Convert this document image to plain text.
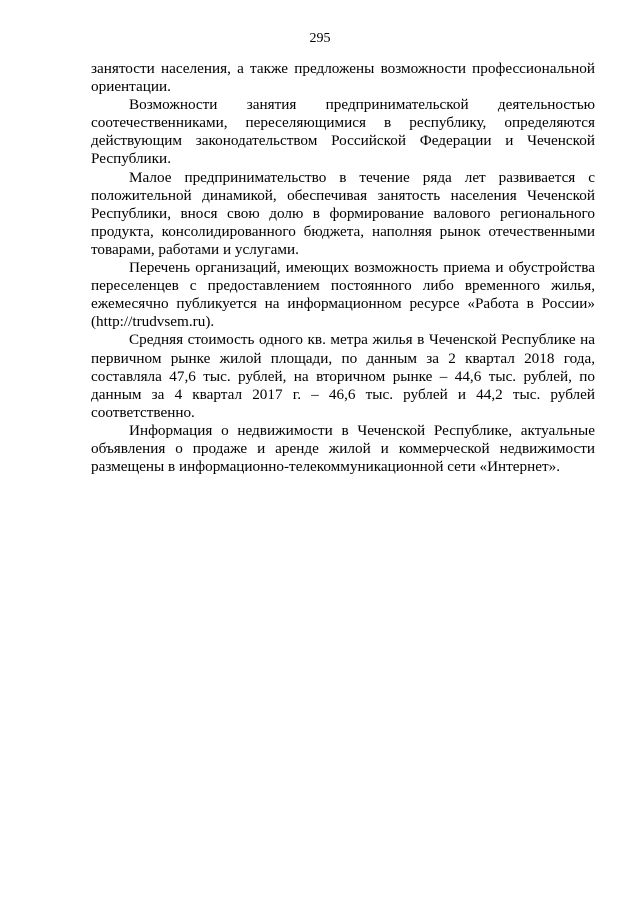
295

занятости населения, а также предложены возможности профессиональной ориентации.

Возможности занятия предпринимательской деятельностью соотечественниками, переселяющимися в республику, определяются действующим законодательством Российской Федерации и Чеченской Республики.

Малое предпринимательство в течение ряда лет развивается с положительной динамикой, обеспечивая занятость населения Чеченской Республики, внося свою долю в формирование валового регионального продукта, консолидированного бюджета, наполняя рынок отечественными товарами, работами и услугами.

Перечень организаций, имеющих возможность приема и обустройства переселенцев с предоставлением постоянного либо временного жилья, ежемесячно публикуется на информационном ресурсе «Работа в России» (http://trudvsem.ru).

Средняя стоимость одного кв. метра жилья в Чеченской Республике на первичном рынке жилой площади, по данным за 2 квартал 2018 года, составляла 47,6 тыс. рублей, на вторичном рынке – 44,6 тыс. рублей, по данным за 4 квартал 2017 г. – 46,6 тыс. рублей и 44,2 тыс. рублей соответственно.

Информация о недвижимости в Чеченской Республике, актуальные объявления о продаже и аренде жилой и коммерческой недвижимости размещены в информационно-телекоммуникационной сети «Интернет».
